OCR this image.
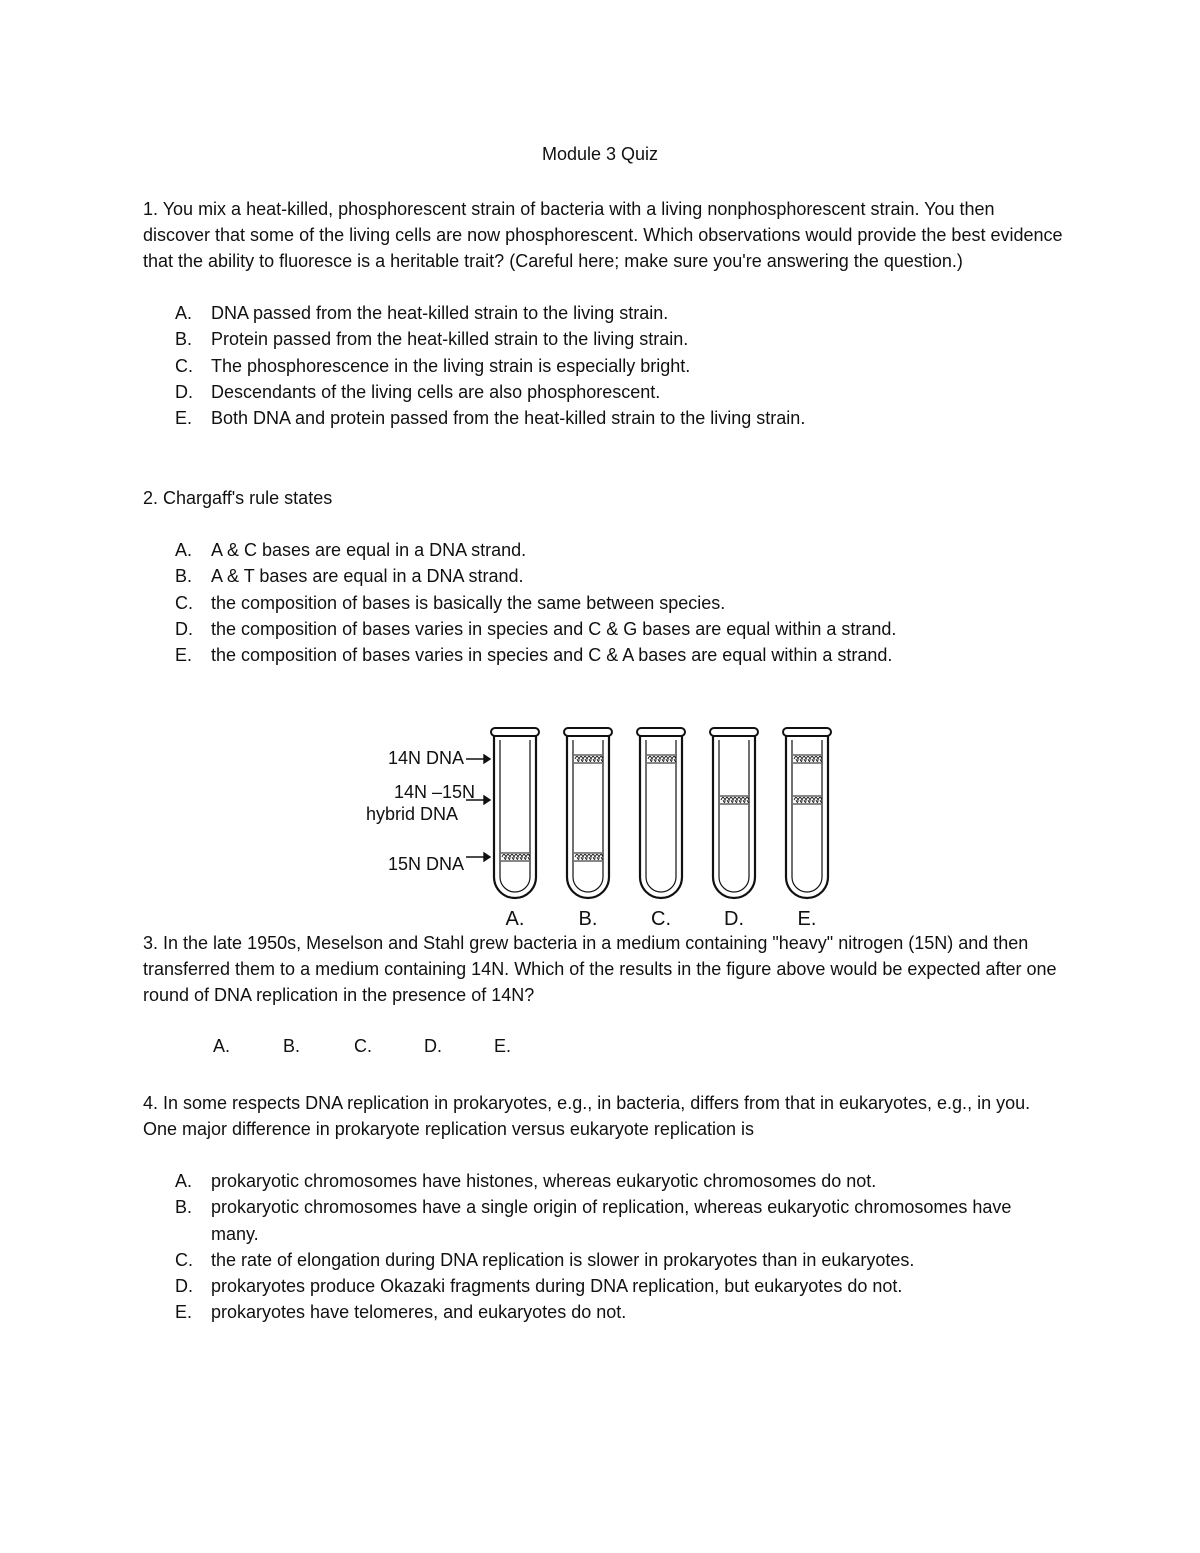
Module 3 Quiz

1. You mix a heat-killed, phosphorescent strain of bacteria with a living nonphosphorescent strain. You then discover that some of the living cells are now phosphorescent. Which observations would provide the best evidence that the ability to fluoresce is a heritable trait? (Careful here; make sure you're answering the question.)

A. DNA passed from the heat-killed strain to the living strain.
B. Protein passed from the heat-killed strain to the living strain.
C. The phosphorescence in the living strain is especially bright.
D. Descendants of the living cells are also phosphorescent.
E. Both DNA and protein passed from the heat-killed strain to the living strain.

2. Chargaff's rule states

A. A & C bases are equal in a DNA strand.
B. A & T bases are equal in a DNA strand.
C. the composition of bases is basically the same between species.
D. the composition of bases varies in species and C & G bases are equal within a strand.
E. the composition of bases varies in species and C & A bases are equal within a strand.
14N DNA
14N –15N
hybrid DNA
15N DNA
A.	B.	C.	D.	E.

3. In the late 1950s, Meselson and Stahl grew bacteria in a medium containing "heavy" nitrogen (15N) and then transferred them to a medium containing 14N. Which of the results in the figure above would be expected after one round of DNA replication in the presence of 14N?

A.	B.	C.	D.	E.

4. In some respects DNA replication in prokaryotes, e.g., in bacteria, differs from that in eukaryotes, e.g., in you. One major difference in prokaryote replication versus eukaryote replication is

A. prokaryotic chromosomes have histones, whereas eukaryotic chromosomes do not.
B. prokaryotic chromosomes have a single origin of replication, whereas eukaryotic chromosomes have many.
C. the rate of elongation during DNA replication is slower in prokaryotes than in eukaryotes.
D. prokaryotes produce Okazaki fragments during DNA replication, but eukaryotes do not.
E. prokaryotes have telomeres, and eukaryotes do not.
